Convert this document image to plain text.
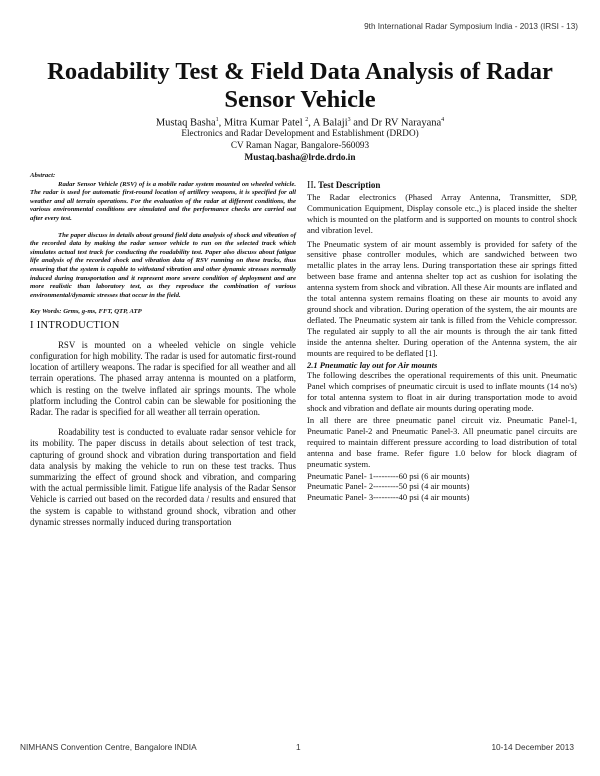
9th International Radar Symposium India - 2013 (IRSI - 13)
Roadability Test & Field Data Analysis of Radar Sensor Vehicle
Mustaq Basha$^1$, Mitra Kumar Patel $^2$, A Balaji$^3$ and Dr RV Narayana$^4$
Electronics and Radar Development and Establishment (DRDO)
CV Raman Nagar, Bangalore-560093
Mustaq.basha@lrde.drdo.in
Abstract:
Radar Sensor Vehicle (RSV) of is a mobile radar system mounted on wheeled vehicle. The radar is used for automatic first-round location of artillery weapons, it is specified for all weather and all terrain operations. For the evaluation of the radar at different conditions, the various environmental conditions are simulated and the performance checks are carried out after every test.
The paper discuss in details about ground field data analysis of shock and vibration of the recorded data by making the radar sensor vehicle to run on the selected track which simulates actual test track for conducting the roadability test. Paper also discuss about fatigue life analysis of the recorded shock and vibration data of RSV running on these tracks, thus ensuring that the system is capable to withstand vibration and other dynamic stresses normally induced during transportation and it represent more severe condition of deployment and are more realistic than laboratory test, as they reproduce the combination of various environmental/dynamic stresses that occur in the field.
Key Words: Grms, g-ms, FFT, QTP, ATP
I INTRODUCTION
RSV is mounted on a wheeled vehicle on single vehicle configuration for high mobility. The radar is used for automatic first-round location of artillery weapons. The radar is specified for all weather and all terrain operations. The phased array antenna is mounted on a platform, which is resting on the twelve inflated air springs mounts. The whole platform including the Control cabin can be slewable for positioning the Radar. The radar is specified for all weather all terrain operation.
Roadability test is conducted to evaluate radar sensor vehicle for its mobility. The paper discuss in details about selection of test track, capturing of ground shock and vibration during transportation and field data analysis by making the vehicle to run on these test tracks. Thus summarizing the effect of ground shock and vibration, and comparing with the actual permissible limit. Fatigue life analysis of the Radar Sensor Vehicle is carried out based on the recorded data / results and ensured that the system is capable to withstand ground shock, vibration and other dynamic stresses normally induced during transportation
II. Test Description
The Radar electronics (Phased Array Antenna, Transmitter, SDP, Communication Equipment, Display console etc.,) is placed inside the shelter which is mounted on the platform and is supported on mounts to control shock and vibration level.
The Pneumatic system of air mount assembly is provided for safety of the sensitive phase controller modules, which are sandwiched between two metallic plates in the array lens. During transportation these air springs fitted between base frame and antenna shelter top act as cushion for isolating the antenna system from shock and vibration. All these Air mounts are inflated and the total antenna system remains floating on these air mounts to avoid any ground shock and vibration. During operation of the system, the air mounts are deflated. The Pneumatic system air tank is filled from the Vehicle compressor. The regulated air supply to all the air mounts is through the air tank fitted inside the antenna shelter. During operation of the Antenna system, the air mounts are required to be deflated [1].
2.1 Pneumatic lay out for Air mounts
The following describes the operational requirements of this unit. Pneumatic Panel which comprises of pneumatic circuit is used to inflate mounts (14 no's) for total antenna system to float in air during transportation mode to avoid shock and vibration and deflate air mounts during operating mode.
In all there are three pneumatic panel circuit viz. Pneumatic Panel-1, Pneumatic Panel-2 and Pneumatic Panel-3. All pneumatic panel circuits are required to maintain different pressure according to load distribution of total antenna and base frame. Refer figure 1.0 below for block diagram of pneumatic system.
Pneumatic Panel- 1---------60 psi (6 air mounts)
Pneumatic Panel- 2---------50 psi (4 air mounts)
Pneumatic Panel- 3---------40 psi (4 air mounts)
NIMHANS Convention Centre, Bangalore INDIA	1	10-14 December 2013
